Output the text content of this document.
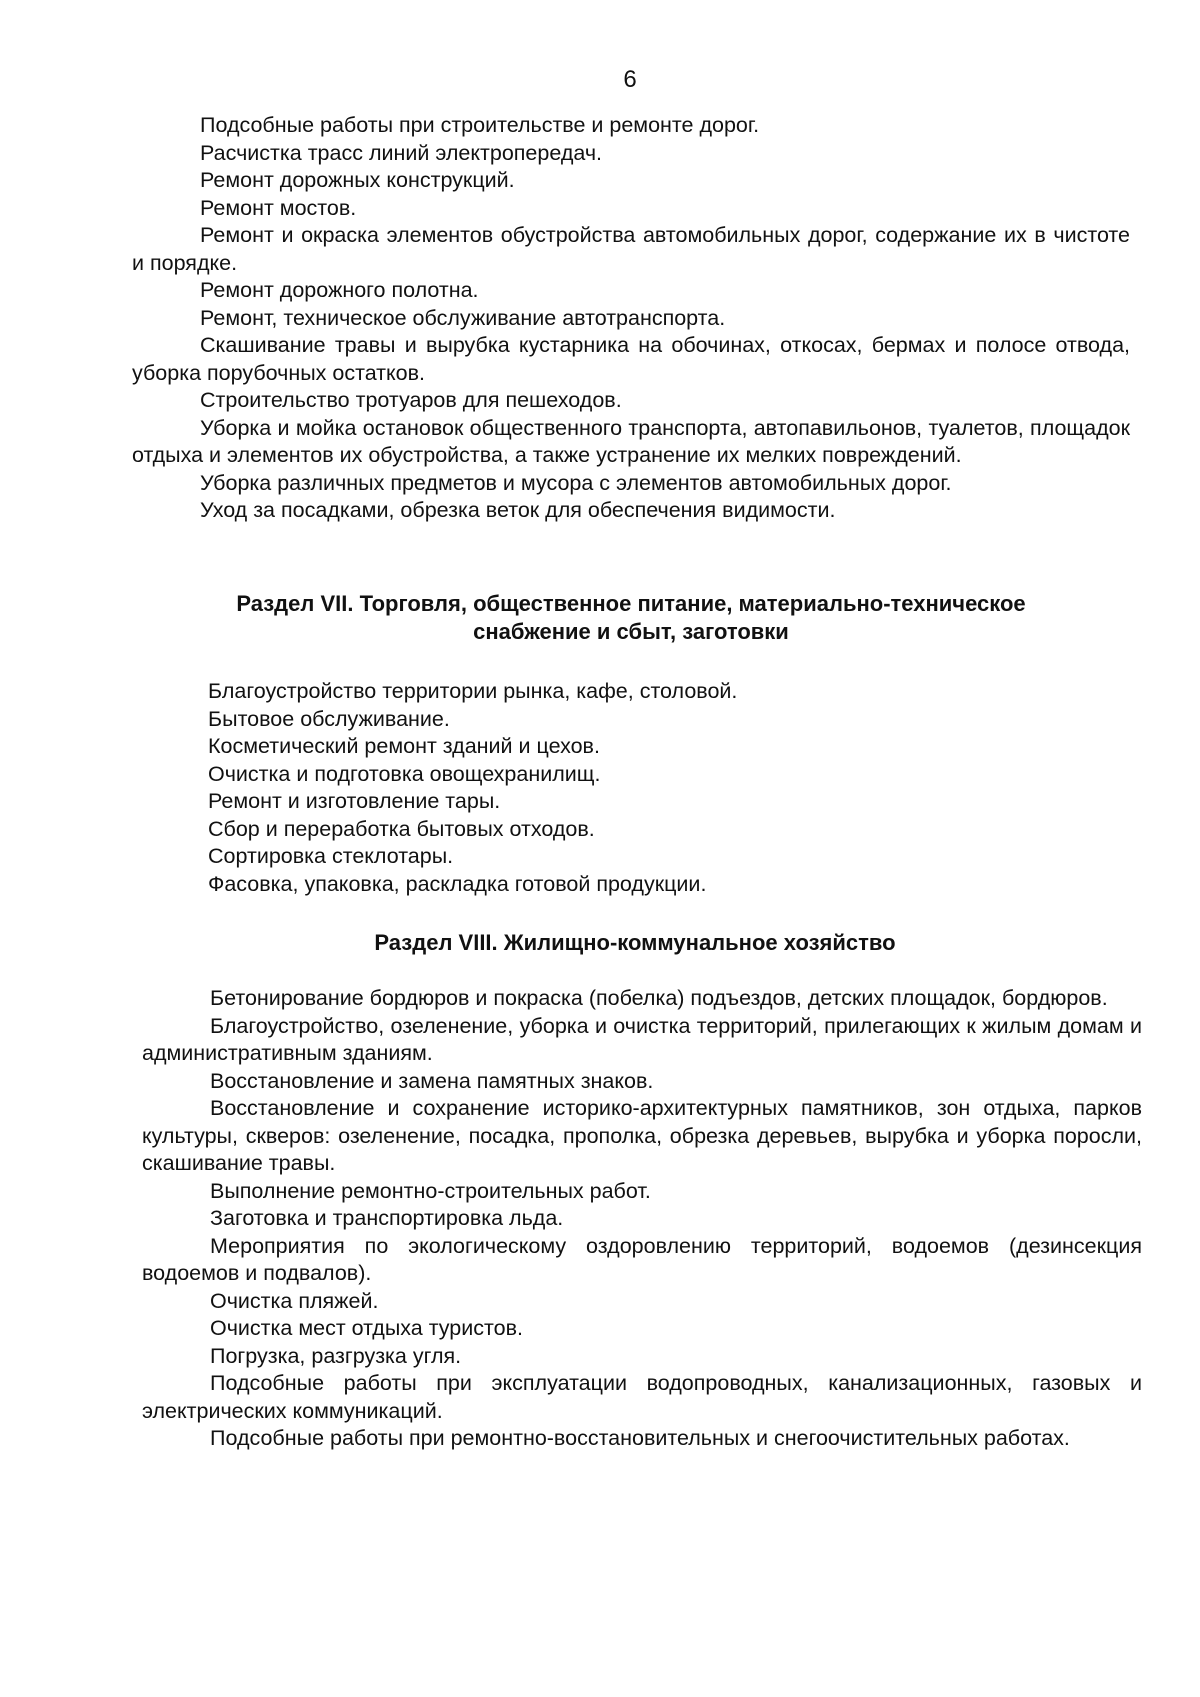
6

Подсобные работы при строительстве и ремонте дорог.

Расчистка трасс линий электропередач.

Ремонт дорожных конструкций.

Ремонт мостов.

Ремонт и окраска элементов обустройства автомобильных дорог, содержание их в чистоте и порядке.

Ремонт дорожного полотна.

Ремонт, техническое обслуживание автотранспорта.

Скашивание травы и вырубка кустарника на обочинах, откосах, бермах и полосе отвода, уборка порубочных остатков.

Строительство тротуаров для пешеходов.

Уборка и мойка остановок общественного транспорта, автопавильонов, туалетов, площадок отдыха и элементов их обустройства, а также устранение их мелких повреждений.

Уборка различных предметов и мусора с элементов автомобильных дорог.

Уход за посадками, обрезка веток для обеспечения видимости.

Раздел VII. Торговля, общественное питание, материально-техническое
снабжение и сбыт, заготовки

Благоустройство территории рынка, кафе, столовой.

Бытовое обслуживание.

Косметический ремонт зданий и цехов.

Очистка и подготовка овощехранилищ.

Ремонт и изготовление тары.

Сбор и переработка бытовых отходов.

Сортировка стеклотары.

Фасовка, упаковка, раскладка готовой продукции.

Раздел VIII. Жилищно-коммунальное хозяйство

Бетонирование бордюров и покраска (побелка) подъездов, детских площадок, бордюров.

Благоустройство, озеленение, уборка и очистка территорий, прилегающих к жилым домам и административным зданиям.

Восстановление и замена памятных знаков.

Восстановление и сохранение историко-архитектурных памятников, зон отдыха, парков культуры, скверов: озеленение, посадка, прополка, обрезка деревьев, вырубка и уборка поросли, скашивание травы.

Выполнение ремонтно-строительных работ.

Заготовка и транспортировка льда.

Мероприятия по экологическому оздоровлению территорий, водоемов (дезинсекция водоемов и подвалов).

Очистка пляжей.

Очистка мест отдыха туристов.

Погрузка, разгрузка угля.

Подсобные работы при эксплуатации водопроводных, канализационных, газовых и электрических коммуникаций.

Подсобные работы при ремонтно-восстановительных и снегоочистительных работах.
